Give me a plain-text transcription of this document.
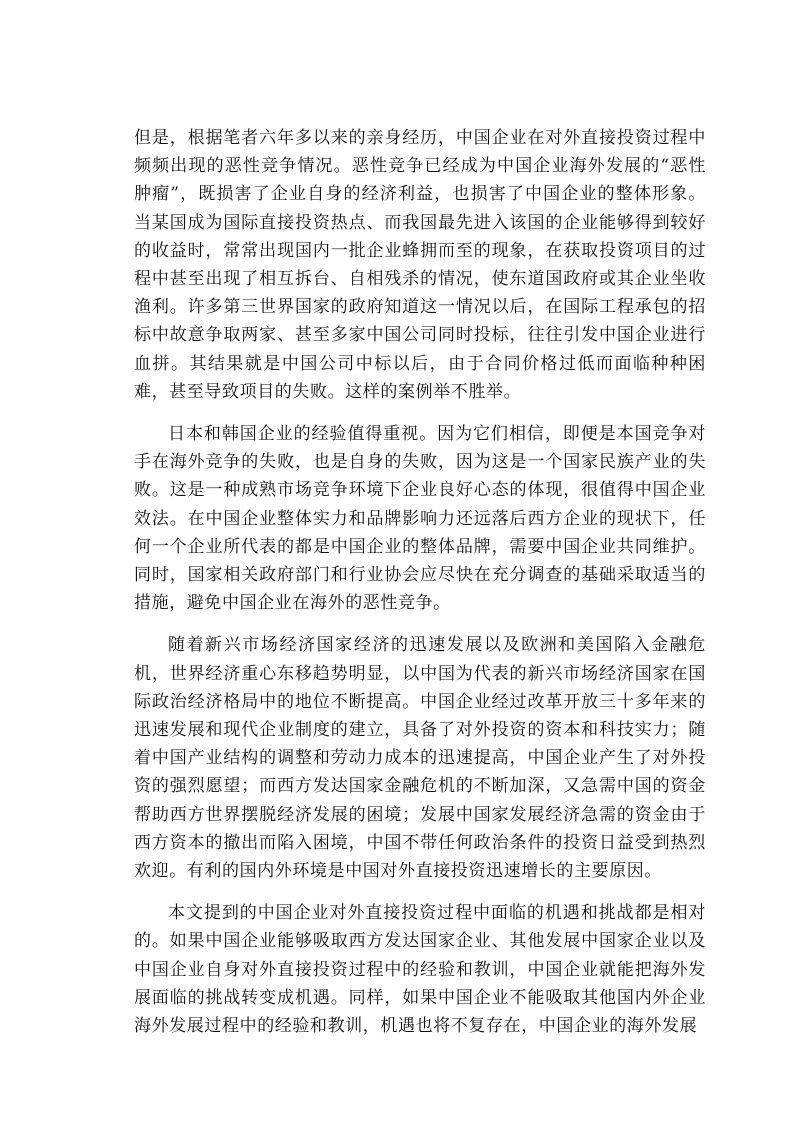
但是，根据笔者六年多以来的亲身经历，中国企业在对外直接投资过程中频频出现的恶性竞争情况。恶性竞争已经成为中国企业海外发展的“恶性肿瘤”，既损害了企业自身的经济利益，也损害了中国企业的整体形象。当某国成为国际直接投资热点、而我国最先进入该国的企业能够得到较好的收益时，常常出现国内一批企业蜂拥而至的现象，在获取投资项目的过程中甚至出现了相互拆台、自相残杀的情况，使东道国政府或其企业坐收渔利。许多第三世界国家的政府知道这一情况以后，在国际工程承包的招标中故意争取两家、甚至多家中国公司同时投标，往往引发中国企业进行血拼。其结果就是中国公司中标以后，由于合同价格过低而面临种种困难，甚至导致项目的失败。这样的案例举不胜举。

日本和韩国企业的经验值得重视。因为它们相信，即便是本国竞争对手在海外竞争的失败，也是自身的失败，因为这是一个国家民族产业的失败。这是一种成熟市场竞争环境下企业良好心态的体现，很值得中国企业效法。在中国企业整体实力和品牌影响力还远落后西方企业的现状下，任何一个企业所代表的都是中国企业的整体品牌，需要中国企业共同维护。同时，国家相关政府部门和行业协会应尽快在充分调查的基础采取适当的措施，避免中国企业在海外的恶性竞争。

随着新兴市场经济国家经济的迅速发展以及欧洲和美国陷入金融危机，世界经济重心东移趋势明显，以中国为代表的新兴市场经济国家在国际政治经济格局中的地位不断提高。中国企业经过改革开放三十多年来的迅速发展和现代企业制度的建立，具备了对外投资的资本和科技实力；随着中国产业结构的调整和劳动力成本的迅速提高，中国企业产生了对外投资的强烈愿望；而西方发达国家金融危机的不断加深，又急需中国的资金帮助西方世界摆脱经济发展的困境；发展中国家发展经济急需的资金由于西方资本的撤出而陷入困境，中国不带任何政治条件的投资日益受到热烈欢迎。有利的国内外环境是中国对外直接投资迅速增长的主要原因。

本文提到的中国企业对外直接投资过程中面临的机遇和挑战都是相对的。如果中国企业能够吸取西方发达国家企业、其他发展中国家企业以及中国企业自身对外直接投资过程中的经验和教训，中国企业就能把海外发展面临的挑战转变成机遇。同样，如果中国企业不能吸取其他国内外企业海外发展过程中的经验和教训，机遇也将不复存在，中国企业的海外发展
